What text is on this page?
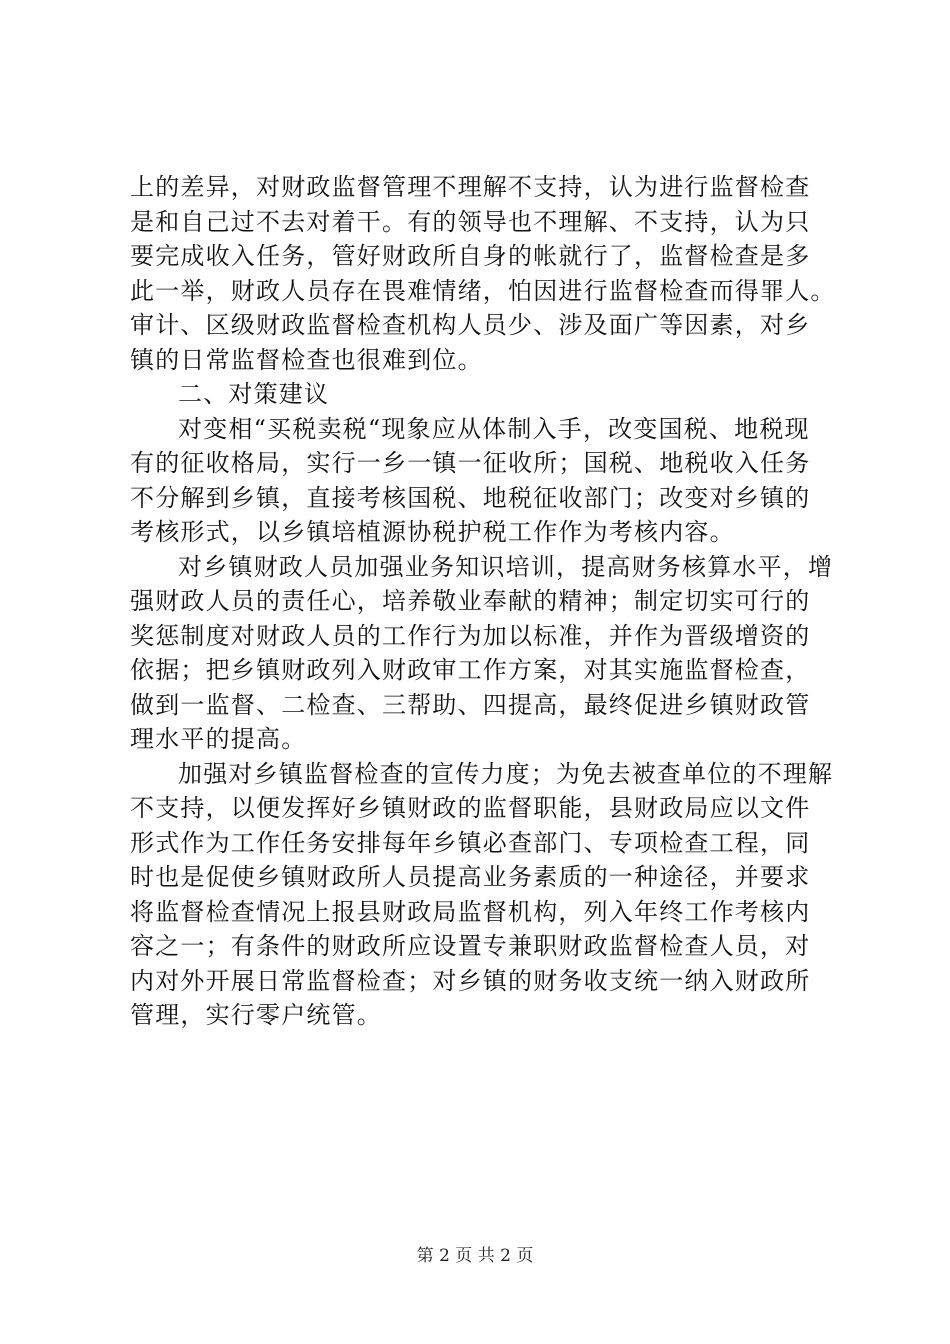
上的差异，对财政监督管理不理解不支持，认为进行监督检查
是和自己过不去对着干。有的领导也不理解、不支持，认为只
要完成收入任务，管好财政所自身的帐就行了，监督检查是多
此一举，财政人员存在畏难情绪，怕因进行监督检查而得罪人。
审计、区级财政监督检查机构人员少、涉及面广等因素，对乡
镇的日常监督检查也很难到位。
二、对策建议
对变相“买税卖税“现象应从体制入手，改变国税、地税现
有的征收格局，实行一乡一镇一征收所；国税、地税收入任务
不分解到乡镇，直接考核国税、地税征收部门；改变对乡镇的
考核形式，以乡镇培植源协税护税工作作为考核内容。
对乡镇财政人员加强业务知识培训，提高财务核算水平，增
强财政人员的责任心，培养敬业奉献的精神；制定切实可行的
奖惩制度对财政人员的工作行为加以标准，并作为晋级增资的
依据；把乡镇财政列入财政审工作方案，对其实施监督检查，
做到一监督、二检查、三帮助、四提高，最终促进乡镇财政管
理水平的提高。
加强对乡镇监督检查的宣传力度；为免去被查单位的不理解
不支持，以便发挥好乡镇财政的监督职能，县财政局应以文件
形式作为工作任务安排每年乡镇必查部门、专项检查工程，同
时也是促使乡镇财政所人员提高业务素质的一种途径，并要求
将监督检查情况上报县财政局监督机构，列入年终工作考核内
容之一；有条件的财政所应设置专兼职财政监督检查人员，对
内对外开展日常监督检查；对乡镇的财务收支统一纳入财政所
管理，实行零户统管。
第 2 页 共 2 页
